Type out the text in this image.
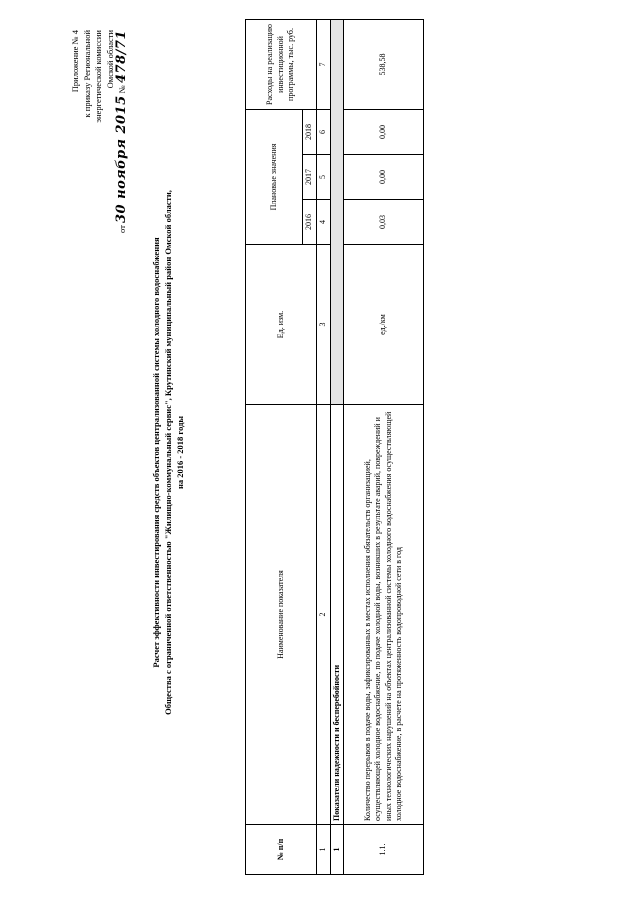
Приложение № 4 к приказу Региональной энергетической комиссии Омской области
от 30 ноября 2015 № 478/71
Расчет эффективности инвестирования средств объектов централизованной системы холодного водоснабжения Общества с ограниченной ответственностью "Жилищно-коммунальный сервис", Крутинский муниципальный район Омской области, на 2016 - 2018 годы
№ п/п	Наименование показателя	Ед. изм.	Плановые значения			Расходы на реализацию инвестиционной программы, тыс. руб.
			2016	2017	2018	
1	2	3	4	5	6	7
1	Показатели надежности и бесперебойности					
1.1.	Количество перерывов в подаче воды, зафиксированных в местах исполнения обязательств организацией, осуществляющей холодное водоснабжение, по подаче холодной воды, возникших в результате аварий, повреждений и иных технологических нарушений на объектах централизованной системы холодного водоснабжения осуществляющей холодное водоснабжение, в расчете на протяженность водопроводной сети в год	ед./км	0,03	0,00	0,00	538,58
